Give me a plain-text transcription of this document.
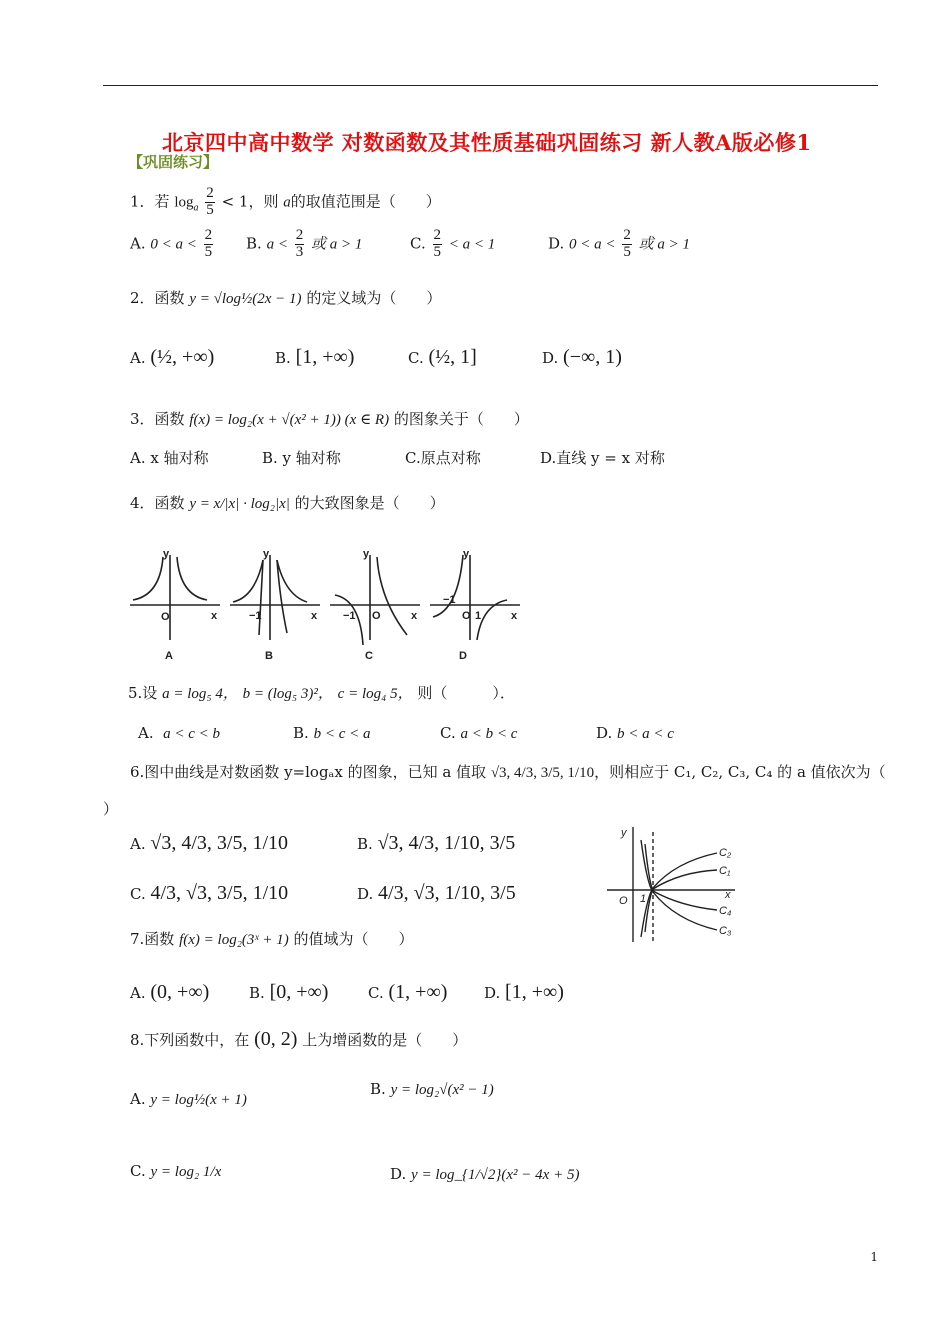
北京四中高中数学 对数函数及其性质基础巩固练习 新人教A版必修1
【巩固练习】
1．若 $\log_a \frac{2}{5} < 1$，则 a的取值范围是（　　）
A. $0 < a < \frac{2}{5} B$. $a < \frac{2}{3}$ 或 a > 1	C. $\frac{2}{5} < a < 1$	D. $0 < a < \frac{2}{5}$ 或 a > 1
2．函数 y = √log½(2x − 1) 的定义域为（　　）
A. (½, +∞)	B. [1, +∞)	C. (½, 1]	D. (−∞, 1)
3．函数 f(x) = log₂(x + √(x² + 1)) (x ∈ R) 的图象关于（　　）
A. x 轴对称	B. y 轴对称	C.原点对称	D.直线 y = x 对称
4．函数 y = x/|x| · log₂|x| 的大致图象是（　　）
y
O	x
y
−1	x
y
−1 O	x
y
−1
O 1	x
A	B	C	D
5.设 a = log₅ 4， b = (log₅ 3)²， c = log₄ 5， 则（　　　）．
A. a < c < b	B. b < c < a	C. a < b < c	D. b < a < c
6.图中曲线是对数函数 y=logₐx 的图象，已知 a 值取 √3, 4/3, 3/5, 1/10，则相应于 C₁, C₂, C₃, C₄ 的 a 值依次为（
）
A. √3, 4/3, 3/5, 1/10	B. √3, 4/3, 1/10, 3/5
C. 4/3, √3, 3/5, 1/10	D. 4/3, √3, 1/10, 3/5
y
O 1	x
C₂
C₁
C₄
C₃
7.函数 f(x) = log₂(3ˣ + 1) 的值域为（　　）
A. (0, +∞)	B. [0, +∞)	C. (1, +∞) D. [1, +∞)
8.下列函数中，在 (0, 2) 上为增函数的是（　　）
A. y = log½(x + 1)
B. y = log₂√(x² − 1)
C. y = log₂ 1/x	D. y = log_{1/√2}(x² − 4x + 5)
1
